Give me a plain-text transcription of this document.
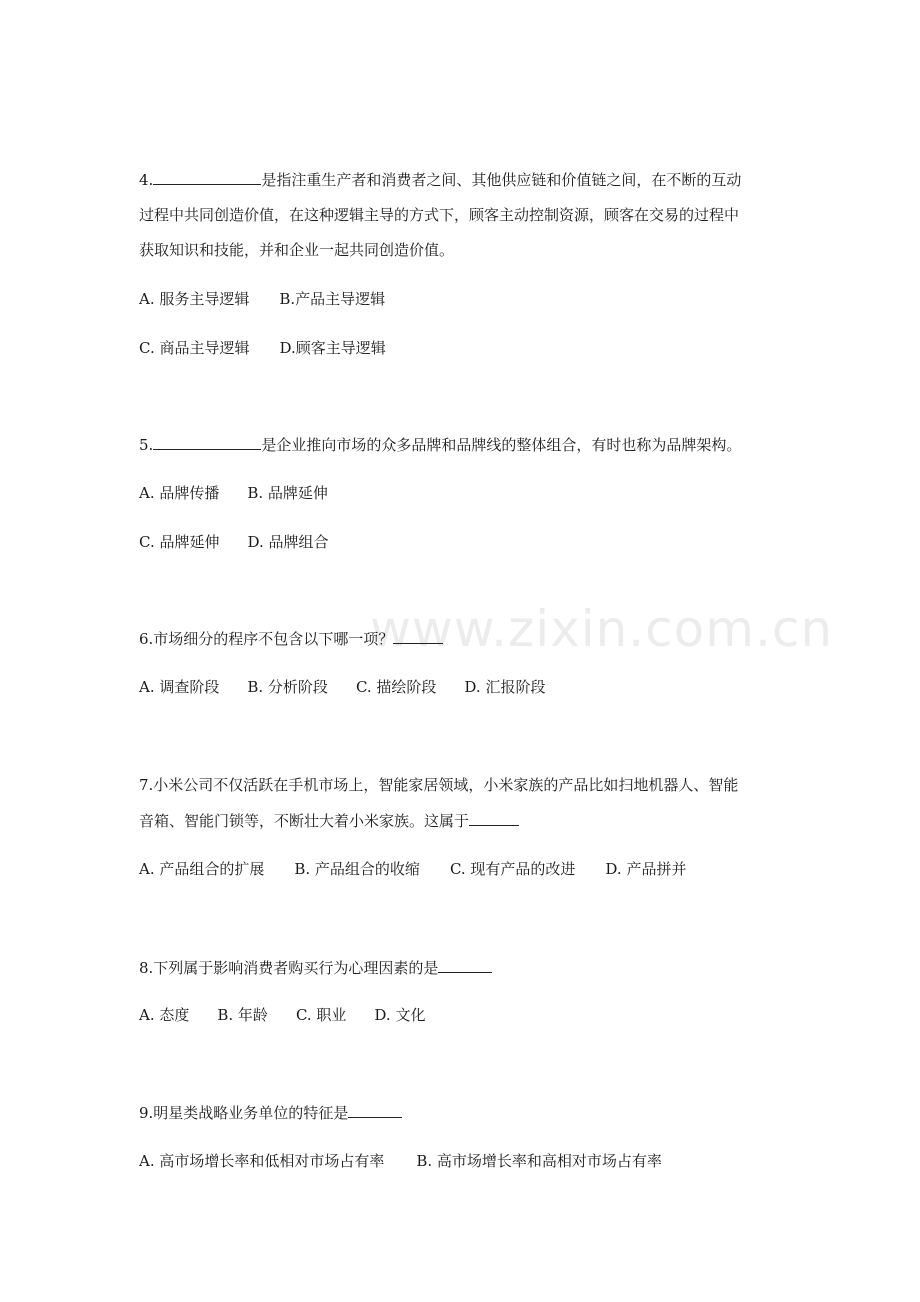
www.zixin.com.cn
4.	是指注重生产者和消费者之间、其他供应链和价值链之间，在不断的互动
过程中共同创造价值，在这种逻辑主导的方式下，顾客主动控制资源，顾客在交易的过程中
获取知识和技能，并和企业一起共同创造价值。
A. 服务主导逻辑 B.产品主导逻辑
C. 商品主导逻辑 D.顾客主导逻辑
5.	是企业推向市场的众多品牌和品牌线的整体组合，有时也称为品牌架构。
A. 品牌传播 B. 品牌延伸
C. 品牌延伸 D. 品牌组合
6.市场细分的程序不包含以下哪一项？
A. 调查阶段 B. 分析阶段 C. 描绘阶段 D. 汇报阶段
7.小米公司不仅活跃在手机市场上，智能家居领域，小米家族的产品比如扫地机器人、智能
音箱、智能门锁等，不断壮大着小米家族。这属于
A. 产品组合的扩展 B. 产品组合的收缩 C. 现有产品的改进 D. 产品拼并
8.下列属于影响消费者购买行为心理因素的是
A. 态度 B. 年龄 C. 职业 D. 文化
9.明星类战略业务单位的特征是
A. 高市场增长率和低相对市场占有率 B. 高市场增长率和高相对市场占有率
